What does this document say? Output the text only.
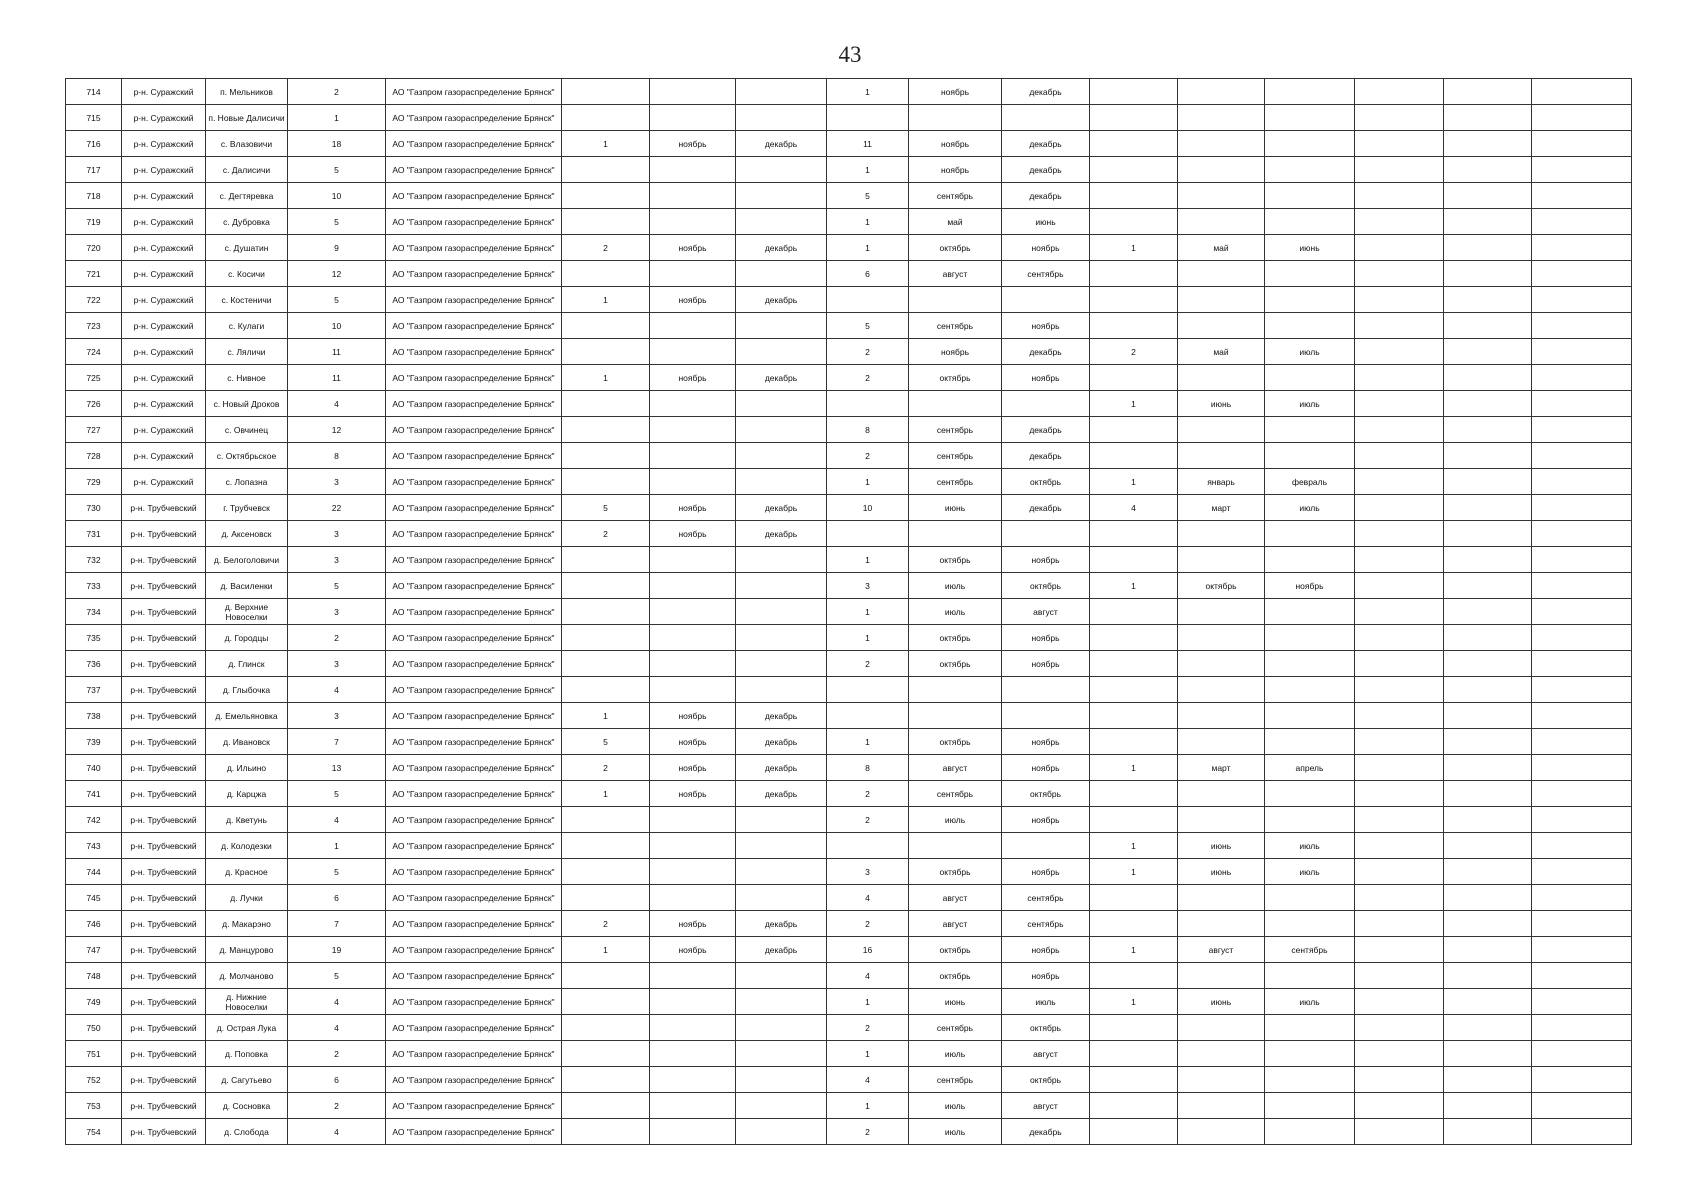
43
714	р-н. Суражский	п. Мельников	2	АО "Газпром газораспределение Брянск"				1	ноябрь	декабрь						
715	р-н. Суражский	п. Новые Далисичи	1	АО "Газпром газораспределение Брянск"												
716	р-н. Суражский	с. Влазовичи	18	АО "Газпром газораспределение Брянск"	1	ноябрь	декабрь	11	ноябрь	декабрь						
717	р-н. Суражский	с. Далисичи	5	АО "Газпром газораспределение Брянск"				1	ноябрь	декабрь						
718	р-н. Суражский	с. Дегтяревка	10	АО "Газпром газораспределение Брянск"				5	сентябрь	декабрь						
719	р-н. Суражский	с. Дубровка	5	АО "Газпром газораспределение Брянск"				1	май	июнь						
720	р-н. Суражский	с. Душатин	9	АО "Газпром газораспределение Брянск"	2	ноябрь	декабрь	1	октябрь	ноябрь	1	май	июнь			
721	р-н. Суражский	с. Косичи	12	АО "Газпром газораспределение Брянск"				6	август	сентябрь						
722	р-н. Суражский	с. Костеничи	5	АО "Газпром газораспределение Брянск"	1	ноябрь	декабрь									
723	р-н. Суражский	с. Кулаги	10	АО "Газпром газораспределение Брянск"				5	сентябрь	ноябрь						
724	р-н. Суражский	с. Ляличи	11	АО "Газпром газораспределение Брянск"				2	ноябрь	декабрь	2	май	июль			
725	р-н. Суражский	с. Нивное	11	АО "Газпром газораспределение Брянск"	1	ноябрь	декабрь	2	октябрь	ноябрь						
726	р-н. Суражский	с. Новый Дроков	4	АО "Газпром газораспределение Брянск"							1	июнь	июль			
727	р-н. Суражский	с. Овчинец	12	АО "Газпром газораспределение Брянск"				8	сентябрь	декабрь						
728	р-н. Суражский	с. Октябрьское	8	АО "Газпром газораспределение Брянск"				2	сентябрь	декабрь						
729	р-н. Суражский	с. Лопазна	3	АО "Газпром газораспределение Брянск"				1	сентябрь	октябрь	1	январь	февраль			
730	р-н. Трубчевский	г. Трубчевск	22	АО "Газпром газораспределение Брянск"	5	ноябрь	декабрь	10	июнь	декабрь	4	март	июль			
731	р-н. Трубчевский	д. Аксеновск	3	АО "Газпром газораспределение Брянск"	2	ноябрь	декабрь									
732	р-н. Трубчевский	д. Белоголовичи	3	АО "Газпром газораспределение Брянск"				1	октябрь	ноябрь						
733	р-н. Трубчевский	д. Василенки	5	АО "Газпром газораспределение Брянск"				3	июль	октябрь	1	октябрь	ноябрь			
734	р-н. Трубчевский	д. Верхние Новоселки	3	АО "Газпром газораспределение Брянск"				1	июль	август						
735	р-н. Трубчевский	д. Городцы	2	АО "Газпром газораспределение Брянск"				1	октябрь	ноябрь						
736	р-н. Трубчевский	д. Глинск	3	АО "Газпром газораспределение Брянск"				2	октябрь	ноябрь						
737	р-н. Трубчевский	д. Глыбочка	4	АО "Газпром газораспределение Брянск"												
738	р-н. Трубчевский	д. Емельяновка	3	АО "Газпром газораспределение Брянск"	1	ноябрь	декабрь									
739	р-н. Трубчевский	д. Ивановск	7	АО "Газпром газораспределение Брянск"	5	ноябрь	декабрь	1	октябрь	ноябрь						
740	р-н. Трубчевский	д. Ильино	13	АО "Газпром газораспределение Брянск"	2	ноябрь	декабрь	8	август	ноябрь	1	март	апрель			
741	р-н. Трубчевский	д. Карцжа	5	АО "Газпром газораспределение Брянск"	1	ноябрь	декабрь	2	сентябрь	октябрь						
742	р-н. Трубчевский	д. Кветунь	4	АО "Газпром газораспределение Брянск"				2	июль	ноябрь						
743	р-н. Трубчевский	д. Колодезки	1	АО "Газпром газораспределение Брянск"							1	июнь	июль			
744	р-н. Трубчевский	д. Красное	5	АО "Газпром газораспределение Брянск"				3	октябрь	ноябрь	1	июнь	июль			
745	р-н. Трубчевский	д. Лучки	6	АО "Газпром газораспределение Брянск"				4	август	сентябрь						
746	р-н. Трубчевский	д. Макарэно	7	АО "Газпром газораспределение Брянск"	2	ноябрь	декабрь	2	август	сентябрь						
747	р-н. Трубчевский	д. Манцурово	19	АО "Газпром газораспределение Брянск"	1	ноябрь	декабрь	16	октябрь	ноябрь	1	август	сентябрь			
748	р-н. Трубчевский	д. Молчаново	5	АО "Газпром газораспределение Брянск"				4	октябрь	ноябрь						
749	р-н. Трубчевский	д. Нижние Новоселки	4	АО "Газпром газораспределение Брянск"				1	июнь	июль	1	июнь	июль			
750	р-н. Трубчевский	д. Острая Лука	4	АО "Газпром газораспределение Брянск"				2	сентябрь	октябрь						
751	р-н. Трубчевский	д. Поповка	2	АО "Газпром газораспределение Брянск"				1	июль	август						
752	р-н. Трубчевский	д. Сагутьево	6	АО "Газпром газораспределение Брянск"				4	сентябрь	октябрь						
753	р-н. Трубчевский	д. Сосновка	2	АО "Газпром газораспределение Брянск"				1	июль	август						
754	р-н. Трубчевский	д. Слобода	4	АО "Газпром газораспределение Брянск"				2	июль	декабрь						
